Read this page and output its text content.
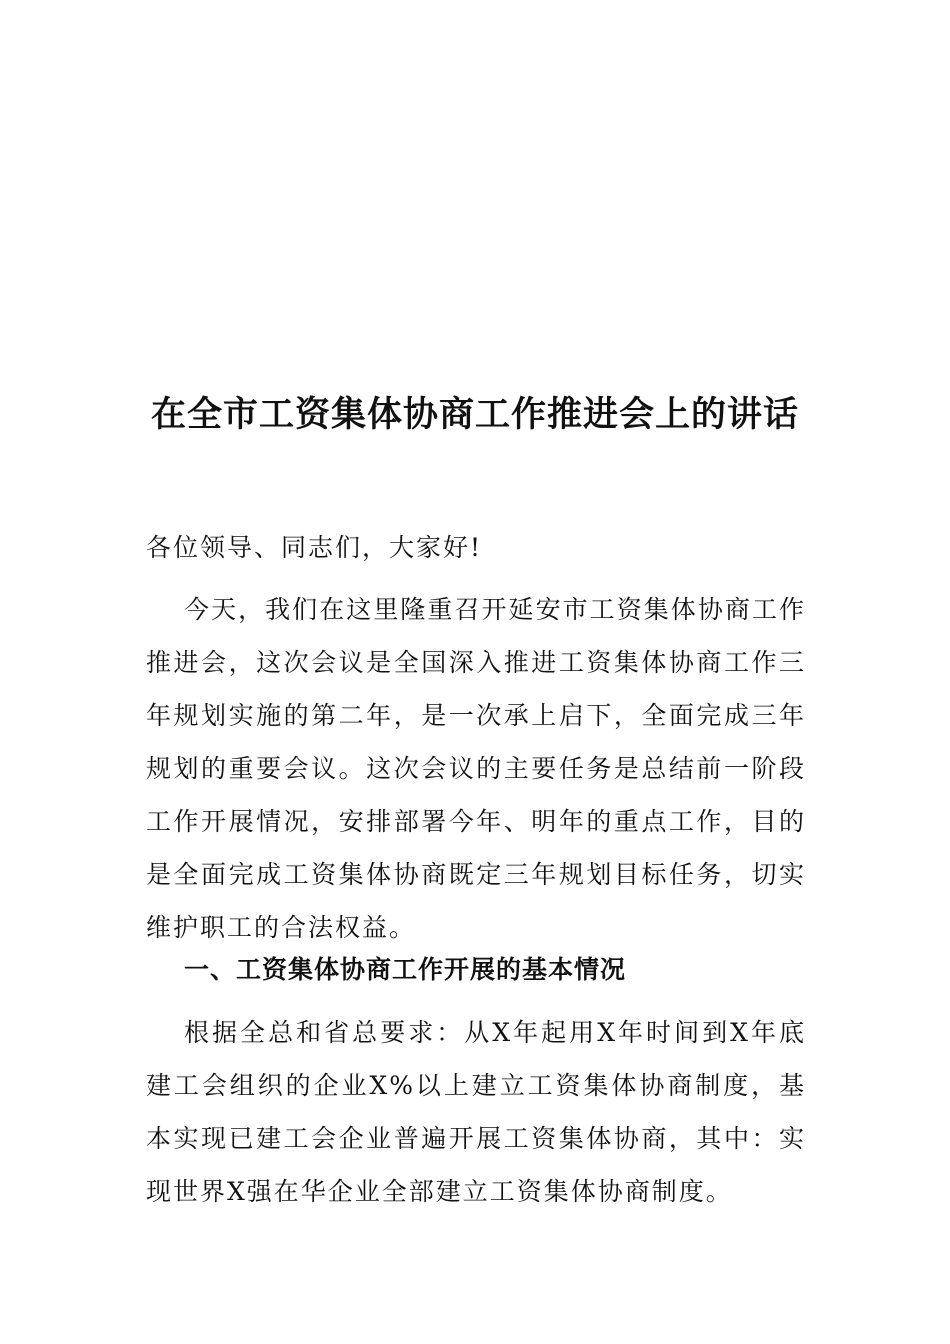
在全市工资集体协商工作推进会上的讲话
各位领导、同志们，大家好!
今天，我们在这里隆重召开延安市工资集体协商工作推进会，这次会议是全国深入推进工资集体协商工作三年规划实施的第二年，是一次承上启下，全面完成三年规划的重要会议。这次会议的主要任务是总结前一阶段工作开展情况，安排部署今年、明年的重点工作，目的是全面完成工资集体协商既定三年规划目标任务，切实维护职工的合法权益。
一、工资集体协商工作开展的基本情况
根据全总和省总要求：从X年起用X年时间到X年底建工会组织的企业X%以上建立工资集体协商制度，基本实现已建工会企业普遍开展工资集体协商，其中：实现世界X强在华企业全部建立工资集体协商制度。
